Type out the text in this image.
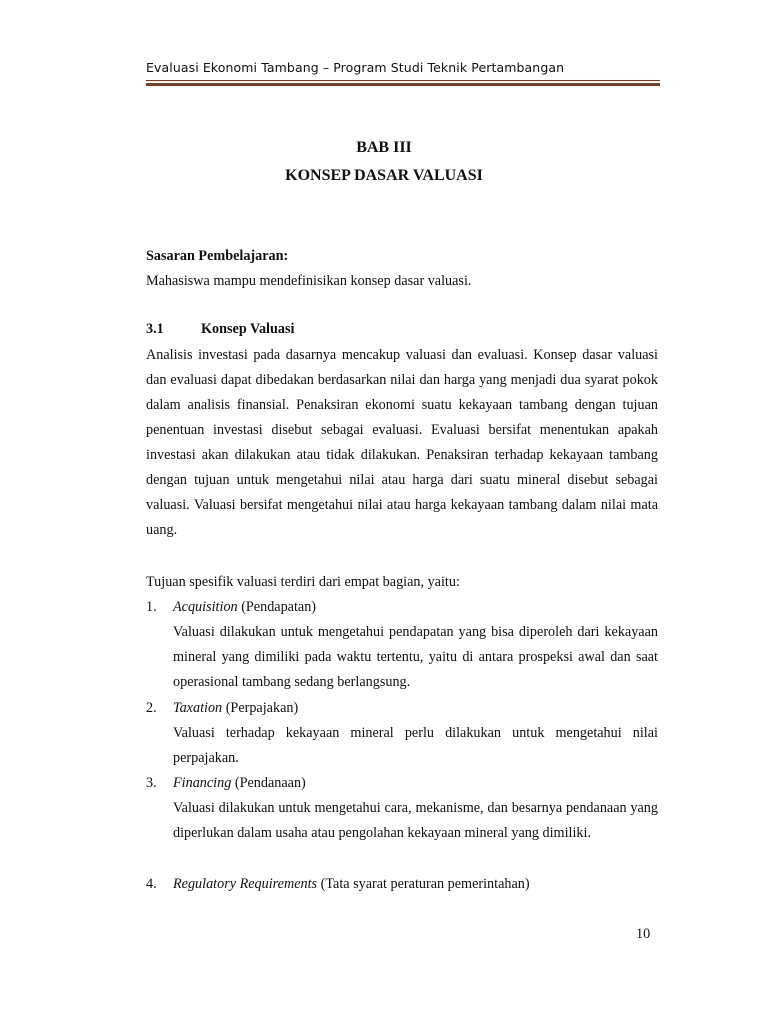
Evaluasi Ekonomi Tambang – Program Studi Teknik Pertambangan
BAB III
KONSEP DASAR VALUASI
Sasaran Pembelajaran:
Mahasiswa mampu mendefinisikan konsep dasar valuasi.
3.1	Konsep Valuasi
Analisis investasi pada dasarnya mencakup valuasi dan evaluasi. Konsep dasar valuasi dan evaluasi dapat dibedakan berdasarkan nilai dan harga yang menjadi dua syarat pokok dalam analisis finansial. Penaksiran ekonomi suatu kekayaan tambang dengan tujuan penentuan investasi disebut sebagai evaluasi. Evaluasi bersifat menentukan apakah investasi akan dilakukan atau tidak dilakukan. Penaksiran terhadap kekayaan tambang dengan tujuan untuk mengetahui nilai atau harga dari suatu mineral disebut sebagai valuasi. Valuasi bersifat mengetahui nilai atau harga kekayaan tambang dalam nilai mata uang.
Tujuan spesifik valuasi terdiri dari empat bagian, yaitu:
1. Acquisition (Pendapatan)
Valuasi dilakukan untuk mengetahui pendapatan yang bisa diperoleh dari kekayaan mineral yang dimiliki pada waktu tertentu, yaitu di antara prospeksi awal dan saat operasional tambang sedang berlangsung.
2. Taxation (Perpajakan)
Valuasi terhadap kekayaan mineral perlu dilakukan untuk mengetahui nilai perpajakan.
3. Financing (Pendanaan)
Valuasi dilakukan untuk mengetahui cara, mekanisme, dan besarnya pendanaan yang diperlukan dalam usaha atau pengolahan kekayaan mineral yang dimiliki.
4. Regulatory Requirements (Tata syarat peraturan pemerintahan)
10
